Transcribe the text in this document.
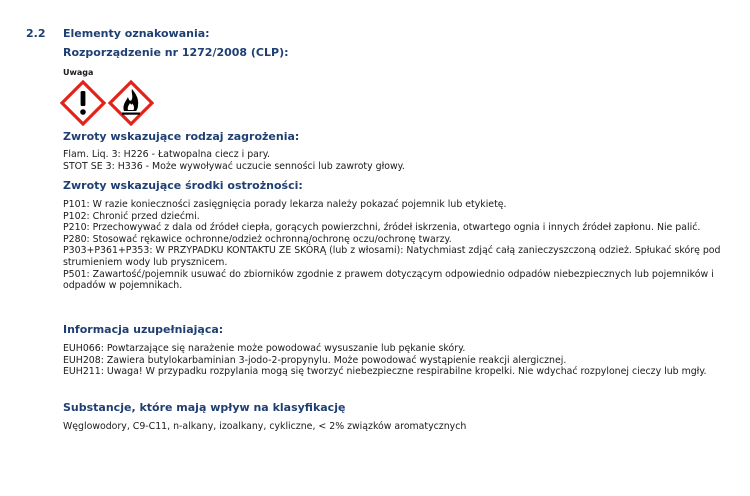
2.2 Elementy oznakowania:
Rozporządzenie nr 1272/2008 (CLP):
Uwaga
Zwroty wskazujące rodzaj zagrożenia:
Flam. Liq. 3: H226 - Łatwopalna ciecz i pary.
STOT SE 3: H336 - Może wywoływać uczucie senności lub zawroty głowy.
Zwroty wskazujące środki ostrożności:
P101: W razie konieczności zasięgnięcia porady lekarza należy pokazać pojemnik lub etykietę.
P102: Chronić przed dziećmi.
P210: Przechowywać z dala od źródeł ciepła, gorących powierzchni, źródeł iskrzenia, otwartego ognia i innych źródeł zapłonu. Nie palić.
P280: Stosować rękawice ochronne/odzież ochronną/ochronę oczu/ochronę twarzy.
P303+P361+P353: W PRZYPADKU KONTAKTU ZE SKÓRĄ (lub z włosami): Natychmiast zdjąć całą zanieczyszczoną odzież. Spłukać skórę pod strumieniem wody lub prysznicem.
P501: Zawartość/pojemnik usuwać do zbiorników zgodnie z prawem dotyczącym odpowiednio odpadów niebezpiecznych lub pojemników i odpadów w pojemnikach.
Informacja uzupełniająca:
EUH066: Powtarzające się narażenie może powodować wysuszanie lub pękanie skóry.
EUH208: Zawiera butylokarbaminian 3-jodo-2-propynylu. Może powodować wystąpienie reakcji alergicznej.
EUH211: Uwaga! W przypadku rozpylania mogą się tworzyć niebezpieczne respirabilne kropelki. Nie wdychać rozpylonej cieczy lub mgły.
Substancje, które mają wpływ na klasyfikację
Węglowodory, C9-C11, n-alkany, izoalkany, cykliczne, < 2% związków aromatycznych
